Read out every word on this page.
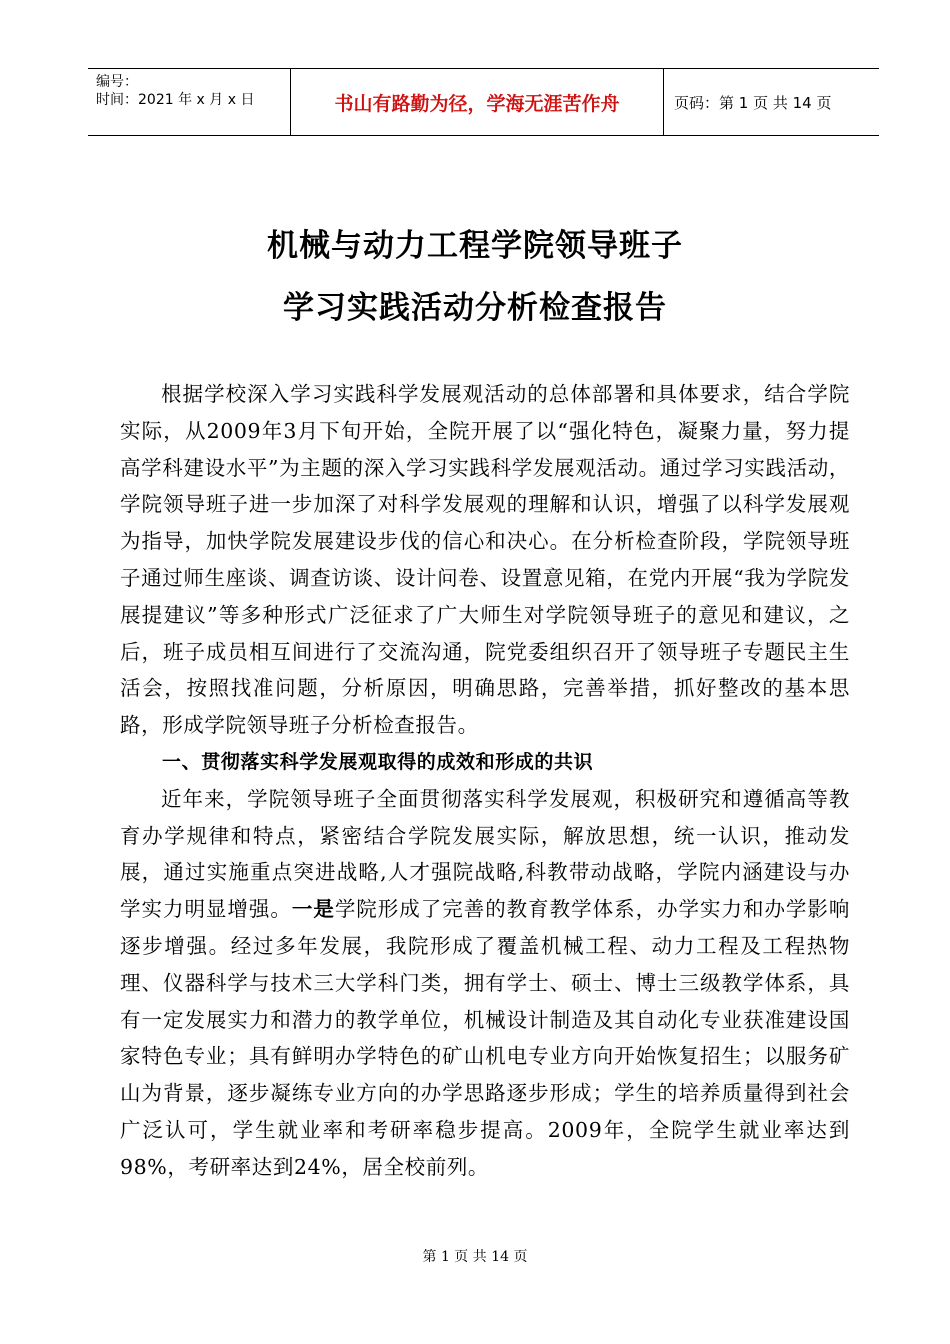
编号：
时间：2021 年 x 月 x 日	书山有路勤为径，学海无涯苦作舟	页码：第 1 页 共 14 页
机械与动力工程学院领导班子
学习实践活动分析检查报告

根据学校深入学习实践科学发展观活动的总体部署和具体要求，结合学院实际，从2009年3月下旬开始，全院开展了以“强化特色，凝聚力量，努力提高学科建设水平”为主题的深入学习实践科学发展观活动。通过学习实践活动，学院领导班子进一步加深了对科学发展观的理解和认识，增强了以科学发展观为指导，加快学院发展建设步伐的信心和决心。在分析检查阶段，学院领导班子通过师生座谈、调查访谈、设计问卷、设置意见箱，在党内开展“我为学院发展提建议”等多种形式广泛征求了广大师生对学院领导班子的意见和建议，之后，班子成员相互间进行了交流沟通，院党委组织召开了领导班子专题民主生活会，按照找准问题，分析原因，明确思路，完善举措，抓好整改的基本思路，形成学院领导班子分析检查报告。

一、贯彻落实科学发展观取得的成效和形成的共识

近年来，学院领导班子全面贯彻落实科学发展观，积极研究和遵循高等教育办学规律和特点，紧密结合学院发展实际，解放思想，统一认识，推动发展，通过实施重点突进战略,人才强院战略,科教带动战略，学院内涵建设与办学实力明显增强。一是学院形成了完善的教育教学体系，办学实力和办学影响逐步增强。经过多年发展，我院形成了覆盖机械工程、动力工程及工程热物理、仪器科学与技术三大学科门类，拥有学士、硕士、博士三级教学体系，具有一定发展实力和潜力的教学单位，机械设计制造及其自动化专业获准建设国家特色专业；具有鲜明办学特色的矿山机电专业方向开始恢复招生；以服务矿山为背景，逐步凝练专业方向的办学思路逐步形成；学生的培养质量得到社会广泛认可，学生就业率和考研率稳步提高。2009年，全院学生就业率达到98%，考研率达到24%，居全校前列。

第 1 页 共 14 页
